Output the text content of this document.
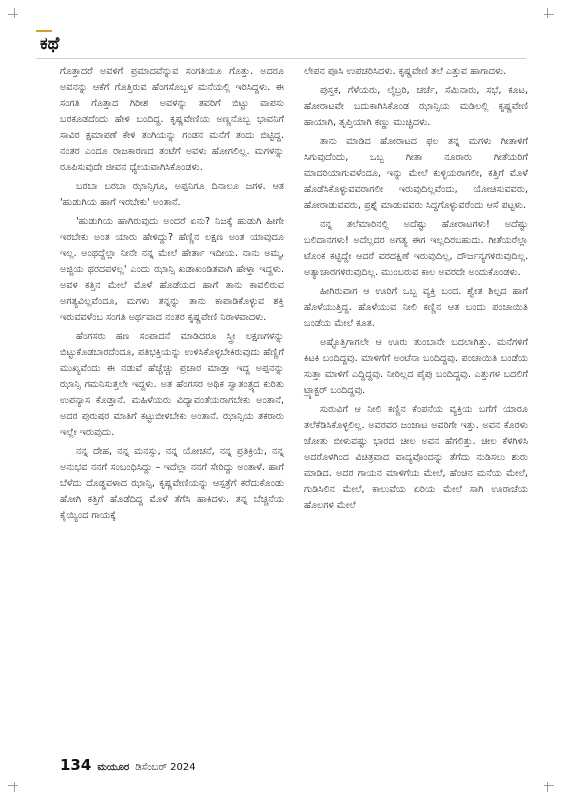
ಕಥೆ

ಗೊತ್ತಾದರೆ ಅವಳಿಗೆ ಪ್ರಮಾದವೆನ್ನುವ ಸಂಗತಿಯೂ ಗೊತ್ತು. ಅದರೂ ಅವನನ್ನು ಆಕೆಗೆ ಗೊತ್ತಿರುವ ಹೆಂಗಸೊಬ್ಬಳ ಮನೆಯಲ್ಲಿ ಇರಿಸಿದ್ದಳು. ಈ ಸಂಗತಿ ಗೊತ್ತಾದ ಗಿರೀಶ ಅವಳನ್ನು ತವರಿಗೆ ಬಿಟ್ಟು ವಾಪಸು ಬರಕೂಡದೆಂದು ಹೇಳಿ ಬಂದಿದ್ದ. ಕೃಷ್ಣವೇಣಿಯ ಅಣ್ಣನೊಬ್ಬ ಭಾವನಿಗೆ ಸಾವಿರ ಕ್ಷಮಾಪಣೆ ಕೇಳಿ ತಂಗಿಯನ್ನು ಗಂಡನ ಮನೆಗೆ ತಂದು ಬಿಟ್ಟಿದ್ದ. ನಂತರ ಎಂದೂ ರಾಜಕಾರಣದ ತಂಟೆಗೆ ಅವಳು ಹೋಗಲಿಲ್ಲ. ಮಗಳನ್ನು ರೂಪಿಸುವುದೇ ಜೀವನ ಧ್ಯೇಯವಾಗಿಸಿಕೊಂಡಳು.

ಬರಬಾ ಬರಬಾ ಝಾನ್ಸಿಗೂ, ಅಪ್ಪನಿಗೂ ದಿನಾಲೂ ಜಗಳ. ಆತ 'ಹುಡುಗಿಯ ಹಾಗೆ ಇರಬೇಕು' ಅಂತಾನೆ.

'ಹುಡುಗಿಯ ಹಾಗಿರುವುದು ಅಂದರೆ ಏನು? ನಿಜಕ್ಕೆ ಹುಡುಗಿ ಹೀಗೇ ಇರಬೇಕು ಅಂತ ಯಾರು ಹೇಳಿದ್ದು? ಹೆಣ್ಣಿನ ಲಕ್ಷಣ ಅಂತ ಯಾವುದೂ ಇಲ್ಲ. ಅಂಥದ್ದೆಲ್ಲಾ ನೀನೇ ನನ್ನ ಮೇಲೆ ಹೇರ್ತಾ ಇದೀಯ. ನಾನು ಅಮ್ಮ, ಅಜ್ಜಿಯ ಥರದವಳಲ್ಲ' ಎಂದು ಝಾನ್ಸಿ ಖಡಾಖಂಡಿತವಾಗಿ ಹೇಳ್ತಾ ಇದ್ದಳು. ಅವಳ ಕತ್ತಿನ ಮೇಲೆ ಮೊಳೆ ಹೊಡೆಯದ ಹಾಗೆ ತಾನು ಕಾವಲಿರುವ ಅಗತ್ಯವಿಲ್ಲವೆಂದೂ, ಮಗಳು ತನ್ನನ್ನು ತಾನು ಕಾಪಾಡಿಕೊಳ್ಳುವ ಶಕ್ತಿ ಇರುವವಳೆಂಬ ಸಂಗತಿ ಅರ್ಥವಾದ ನಂತರ ಕೃಷ್ಣವೇಣಿ ನಿರಾಳವಾದಳು.

ಹೆಂಗಸರು ಹಣ ಸಂಪಾದನೆ ಮಾಡಿದರೂ ಸ್ತ್ರೀ ಲಕ್ಷಣಗಳನ್ನು ಬಿಟ್ಟುಕೊಡಬಾರದೆಂದೂ, ಪತಿಭಕ್ತಿಯನ್ನು ಉಳಿಸಿಕೊಳ್ಳಬೇಕಿರುವುದು ಹೆಣ್ಣಿಗೆ ಮುಖ್ಯವೆಂದು ಈ ನಡುವೆ ಹೆಚ್ಚೆಚ್ಚು ಪ್ರಚಾರ ಮಾಡ್ತಾ ಇದ್ದ ಅಪ್ಪನನ್ನು ಝಾನ್ಸಿ ಗಮನಿಸುತ್ತಲೇ ಇದ್ದಳು. ಅತ ಹೆಂಗಸರ ಅಥಿಕ ಸ್ವಾತಂತ್ರ್ಯದ ಕುರಿತು ಉಪನ್ಯಾಸ ಕೊಡ್ತಾನೆ. ಮಹಿಳೆಯರು ವಿದ್ಯಾವಂತೆಯರಾಗಬೇಕು ಅಂತಾನೆ, ಅದರ ಪುರುಷರ ಮಾತಿಗೆ ಕಟ್ಟುಬೀಳಬೇಕು ಅಂತಾನೆ. ಝಾನ್ಸಿಯ ತಕರಾರು ಇಲ್ಲೇ ಇರುವುದು.

ನನ್ನ ದೇಹ, ನನ್ನ ಮನಸ್ಸು, ನನ್ನ ಯೋಚನೆ, ನನ್ನ ಪ್ರತಿಕ್ರಿಯೆ, ನನ್ನ ಅನುಭವ ನನಗೆ ಸಂಬಂಧಿಸಿದ್ದು – ಇದೆಲ್ಲಾ ನನಗೆ ಸೇರಿದ್ದು ಅಂತಾಳೆ. ಹಾಗೆ ಬೆಳೆದು ದೊಡ್ಡವಳಾದ ಝಾನ್ಸಿ, ಕೃಷ್ಣವೇಣಿಯನ್ನು ಆಸ್ಪತ್ರೆಗೆ ಕರೆದುಕೊಂಡು ಹೋಗಿ ಕತ್ತಿಗೆ ಹೊಡೆದಿದ್ದ ಮೊಳೆ ತೆಗೆಸಿ ಹಾಕಿದಳು. ತನ್ನ ಬೆಚ್ಚನೆಯ ಕೈಯ್ಯಿಂದ ಗಾಯಕ್ಕೆ

ಲೇಪನ ಪೂಸಿ ಉಪಚರಿಸಿದಳು. ಕೃಷ್ಣವೇಣಿ ತಲೆ ಎತ್ತುವ ಹಾಗಾದಳು.

ಪುಸ್ತಕ, ಗೆಳೆಯರು, ಲೈಬ್ರರಿ, ಚರ್ಚೆ, ಸೆಮಿನಾರು, ಸಭೆ, ಕೂಟ, ಹೋರಾಟವೇ ಬದುಕಾಗಿಸಿಕೊಂಡ ಝಾನ್ಸಿಯ ಮಡಿಲಲ್ಲಿ ಕೃಷ್ಣವೇಣಿ ಹಾಯಾಗಿ, ತೃಪ್ತಿಯಾಗಿ ಕಣ್ಣು ಮುಚ್ಚಿದಳು.

ತಾನು ಮಾಡಿದ ಹೋರಾಟದ ಫಲ ತನ್ನ ಮಗಳು ಗೀತಾಳಿಗೆ ಸಿಗುವುದೆಂದು, ಒಬ್ಬ ಗೀತಾ ನೂರಾರು ಗೀತೆಯರಿಗೆ ಮಾದರಿಯಾಗುವಳೆಂದೂ, ಇನ್ನು ಮೇಲೆ ಕುಳ್ಳಿಯರಾಗಲೀ, ಕತ್ತಿಗೆ ಮೊಳೆ ಹೊಡೆಸಿಕೊಳ್ಳುವವರಾಗಲೀ ಇರುವುದಿಲ್ಲವೆಂದು, ಯೋಚಿಸುವವರು, ಹೋರಾಡುವವರು, ಪ್ರಶ್ನೆ ಮಾಡುವವರು ಸಿದ್ಧಗೊಳ್ಳುವರೆಂದು ಆಸೆ ಪಟ್ಟಳು.

ನನ್ನ ತಲೆಮಾರಿನಲ್ಲಿ ಅದೆಷ್ಟು ಹೋರಾಟಗಳು! ಅದೆಷ್ಟು ಬಲಿದಾನಗಳು! ಅದೆಲ್ಲದರ ಅಗತ್ಯ ಈಗ ಇಲ್ಲದಿರಬಹುದು. ಗೀತೆಯರೆಲ್ಲಾ ಟೊಂಕ ಕಟ್ಟಿದ್ದೇ ಆದರೆ ವರದಕ್ಷಿಣೆ ಇರುವುದಿಲ್ಲ, ದೌರ್ಜನ್ಯಗಳಿರುವುದಿಲ್ಲ. ಅತ್ಯಾಚಾರಗಳಿರುವುದಿಲ್ಲ. ಮುಂಬರುವ ಕಾಲ ಅವರದೇ ಅಂದುಕೊಂಡಳು.

ಹೀಗಿರುವಾಗ ಆ ಊರಿಗೆ ಒಬ್ಬ ವ್ಯಕ್ತಿ ಬಂದ. ಶ್ವೇತ ಶಿಲ್ಪದ ಹಾಗೆ ಹೊಳೆಯುತ್ತಿದ್ದ. ಹೊಳೆಯುವ ನೀಲಿ ಕಣ್ಣಿನ ಆತ ಬಂದು ಪಂಚಾಯಿತಿ ಬಂಡೆಯ ಮೇಲೆ ಕೂತ.

ಅಷ್ಟೊತ್ತಿಗಾಗಲೇ ಆ ಊರು ತುಂಬಾನೇ ಬದಲಾಗಿತ್ತು. ಮನೆಗಳಿಗೆ ಕಿಟಕಿ ಬಂದಿದ್ದವು. ಮಾಳಿಗೆಗೆ ಅಂಟೆನಾ ಬಂದಿದ್ದವು. ಪಂಚಾಯಿತಿ ಬಂಡೆಯ ಸುತ್ತಾ ಮಾಳಿಗೆ ಎದ್ದಿದ್ದವು. ನೀರಿಲ್ಲದ ಪೈಪು ಬಂದಿದ್ದವು. ಎತ್ತುಗಳ ಬದಲಿಗೆ ಟ್ರ್ಯಾಕ್ಟರ್ ಬಂದಿದ್ದವು.

ಸುರುವಿಗೆ ಆ ನೀಲಿ ಕಣ್ಣಿನ ಕೆಂಪನೆಯ ವ್ಯಕ್ತಿಯ ಬಗೆಗೆ ಯಾರೂ ತಲೆಕೆಡಿಸಿಕೊಳ್ಳಲಿಲ್ಲ. ಅವರವರ ಜಂಜಾಟ ಅವರಿಗೇ ಇತ್ತು. ಅವನ ಕೊರಳು ಜೋತು ಬೀಳುವಷ್ಟು ಭಾರದ ಚೀಲ ಅವನ ಹೆಗಲಿತ್ತು. ಚೀಲ ಕೆಳಗಿಳಿಸಿ ಅದರೊಳಗಿಂದ ವಿಚಿತ್ರವಾದ ವಾದ್ಯವೊಂದನ್ನು ತೆಗೆದು ನುಡಿಸಲು ಶುರು ಮಾಡಿದ. ಅದರ ಗಾಯನ ಮಾಳಿಗೆಯ ಮೇಲೆ, ಹೆಂಚಿನ ಮನೆಯ ಮೇಲೆ, ಗುಡಿಸಿಲಿನ ಮೇಲೆ, ಕಾಲುವೆಯ ಏರಿಯ ಮೇಲೆ ಸಾಗಿ ಊರಾಚೆಯ ಹೊಲಗಳ ಮೇಲೆ

134 ಮಯೂರ ಡಿಸೆಂಬರ್ 2024
